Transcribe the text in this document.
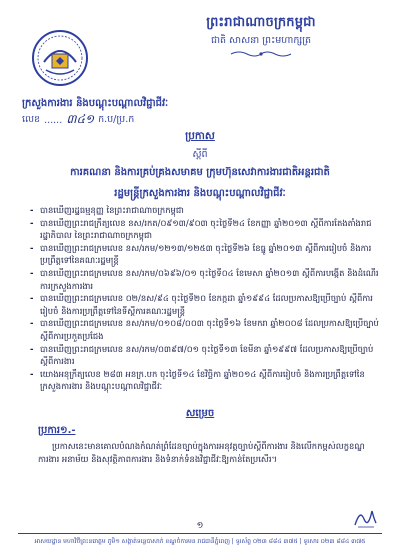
ព្រះរាជាណាចក្រកម្ពុជា
ជាតិ សាសនា ព្រះមហាក្សត្រ
ក្រសួងការងារ និងបណ្តុះបណ្តាលវិជ្ជាជីវៈ
លេខ ...... ៣៤១ ក.ប/ប្រ.ក
ប្រកាស
ស្តីពី
ការគណនា និងការគ្រប់គ្រងសមាគម ក្រុមហ៊ុនសេវាការងារជាតិអន្តរជាតិ
រដ្ឋមន្ត្រីក្រសួងការងារ និងបណ្តុះបណ្តាលវិជ្ជាជីវៈ
- បានឃើញរដ្ឋធម្មនុញ្ញ នៃព្រះរាជាណាចក្រកម្ពុជា
- បានឃើញព្រះរាជក្រឹត្យលេខ នស/រកត/០៩១៣/៩០៣ ចុះថ្ងៃទី២៤ ខែកញ្ញា ឆ្នាំ២០១៣ ស្តីពីការតែងតាំងរាជរដ្ឋាភិបាល នៃព្រះរាជាណាចក្រកម្ពុជា
- បានឃើញព្រះរាជក្រមលេខ នស/រកម/១២១៣/១២៥៣ ចុះថ្ងៃទី២៦ ខែធ្នូ ឆ្នាំ២០១៣ ស្តីពីការរៀបចំ និងការប្រព្រឹត្តទៅនៃគណៈរដ្ឋមន្ត្រី
- បានឃើញព្រះរាជក្រមលេខ នស/រកម/០៦៩៦/០១ ចុះថ្ងៃទី០៤ ខែមេសា ឆ្នាំ២០១៣ ស្តីពីការបង្កើត និងដំណើរការក្រសួងការងារ
- បានឃើញព្រះរាជក្រមលេខ ០២/នស/៩៤ ចុះថ្ងៃទី២០ ខែកក្កដា ឆ្នាំ១៩៩៤ ដែលប្រកាសឱ្យប្រើច្បាប់ ស្តីពីការរៀបចំ និងការប្រព្រឹត្តទៅនៃទីស្តីការគណៈរដ្ឋមន្ត្រី
- បានឃើញព្រះរាជក្រមលេខ នស/រកម/០១០៨/០០៣ ចុះថ្ងៃទី១៦ ខែមករា ឆ្នាំ២០០៨ ដែលប្រកាសឱ្យប្រើច្បាប់ ស្តីពីការប្រកួតប្រជែង
- បានឃើញព្រះរាជក្រមលេខ នស/រកម/០៣៩៧/០១ ចុះថ្ងៃទី១៣ ខែមីនា ឆ្នាំ១៩៩៧ ដែលប្រកាសឱ្យប្រើច្បាប់ ស្តីពីការងារ
- យោងអនុក្រឹត្យលេខ ២៨៣ អនក្រ.បក ចុះថ្ងៃទី១៤ ខែវិច្ឆិកា ឆ្នាំ២០១៤ ស្តីពីការរៀបចំ និងការប្រព្រឹត្តទៅនៃក្រសួងការងារ និងបណ្តុះបណ្តាលវិជ្ជាជីវៈ
សម្រេច
ប្រការ១.-
ប្រកាសនេះមានគោលបំណងកំណត់ព្រំដែនច្បាប់ក្នុងការអនុវត្តច្បាប់ស្តីពីការងារ និងលើកកម្ពស់លក្ខខណ្ឌការងារ អនាម័យ និងសុវត្ថិភាពការងារ និងទំនាក់ទំនងវិជ្ជាជីវៈឱ្យកាន់តែប្រសើរ។
១
អាសយដ្ឋាន មហាវិថីព្រះនរោត្តម ភូមិ១ សង្កាត់ទន្លេបាសាក់ ខណ្ឌចំការមន រាជធានីភ្នំពេញ | ទូរស័ព្ទ ០២៣ ៨៨៤ ៣៧៥ | ទូរសារ ០២៣ ៨៨៤ ៣៧៥
